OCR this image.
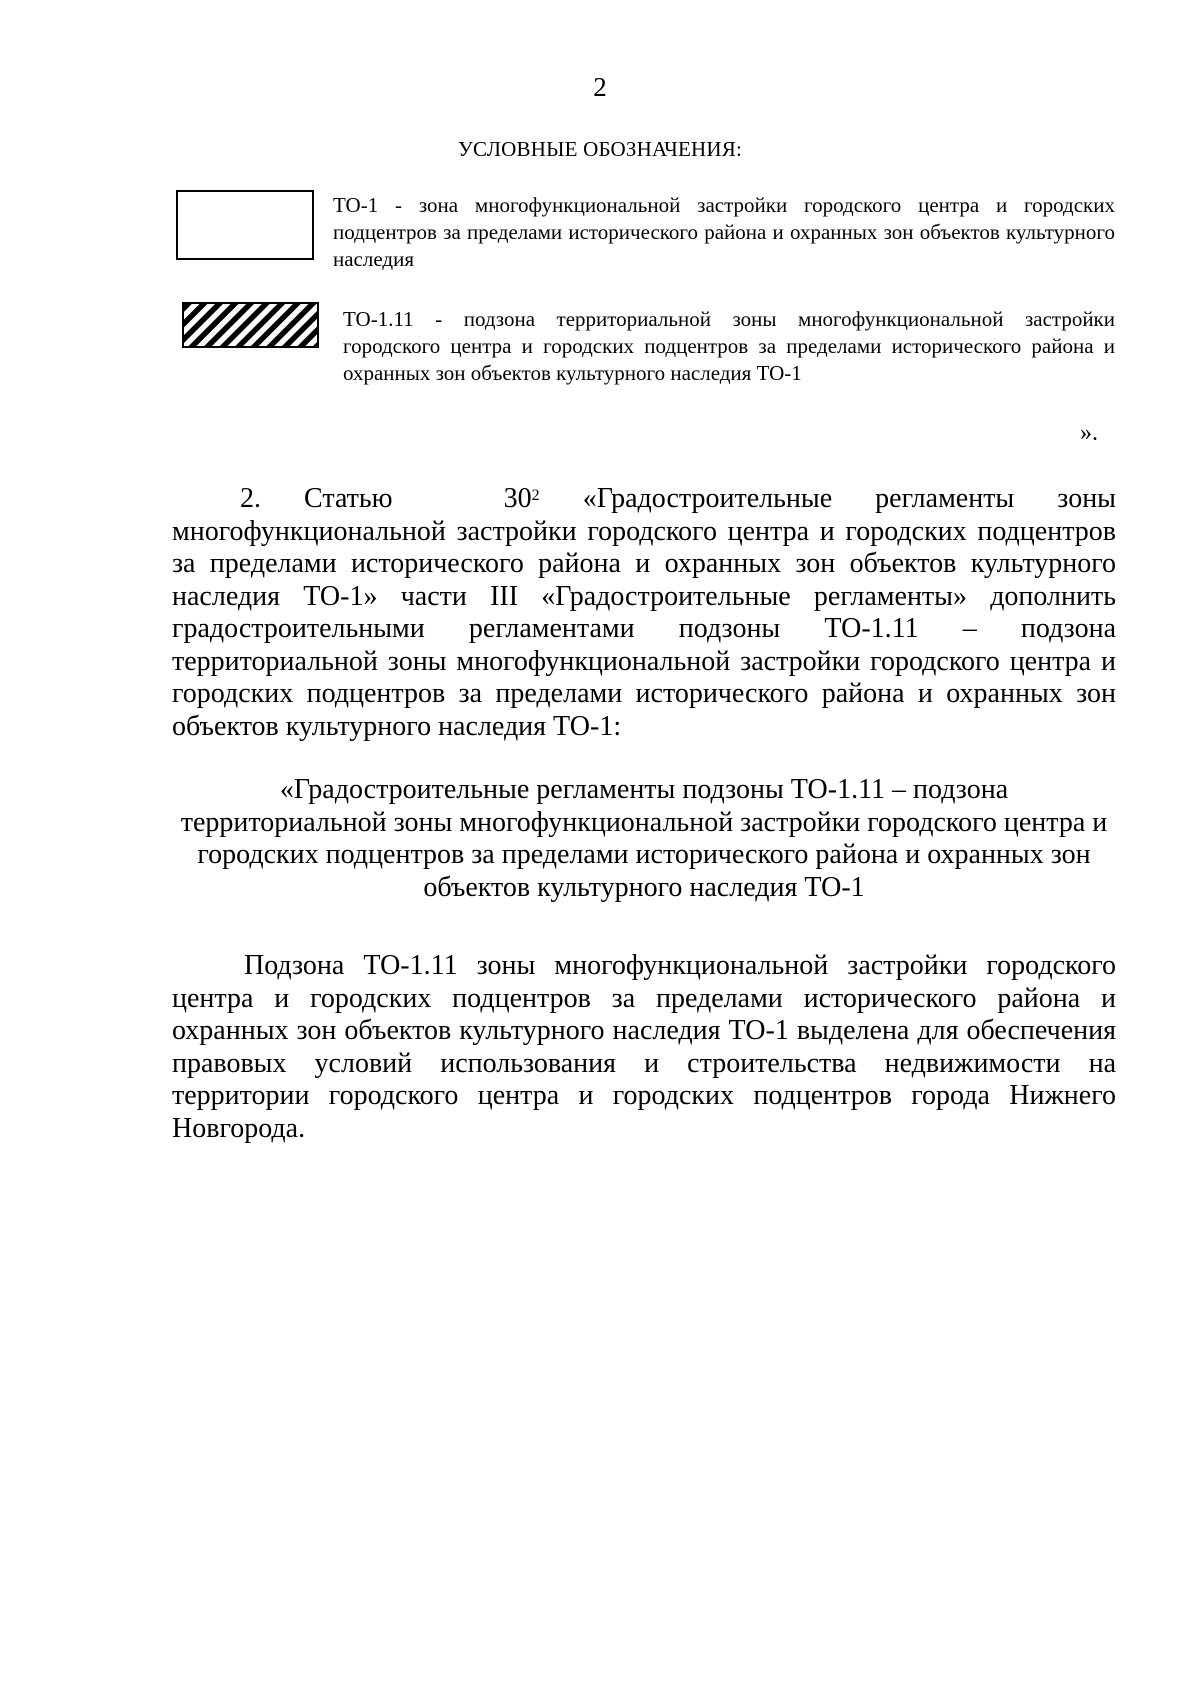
2
УСЛОВНЫЕ ОБОЗНАЧЕНИЯ:
ТО-1 - зона многофункциональной застройки городского центра и городских подцентров за пределами исторического района и охранных зон объектов культурного наследия
ТО-1.11 - подзона территориальной зоны многофункциональной застройки городского центра и городских подцентров за пределами исторического района и охранных зон объектов культурного наследия ТО-1
».
2. Статью $30^2$ «Градостроительные регламенты зоны многофункциональной застройки городского центра и городских подцентров за пределами исторического района и охранных зон объектов культурного наследия ТО-1» части III «Градостроительные регламенты» дополнить градостроительными регламентами подзоны ТО-1.11 – подзона территориальной зоны многофункциональной застройки городского центра и городских подцентров за пределами исторического района и охранных зон объектов культурного наследия ТО-1:
«Градостроительные регламенты подзоны ТО-1.11 – подзона
территориальной зоны многофункциональной застройки городского центра и
городских подцентров за пределами исторического района и охранных зон
объектов культурного наследия ТО-1
Подзона ТО-1.11 зоны многофункциональной застройки городского центра и городских подцентров за пределами исторического района и охранных зон объектов культурного наследия ТО-1 выделена для обеспечения правовых условий использования и строительства недвижимости на территории городского центра и городских подцентров города Нижнего Новгорода.
